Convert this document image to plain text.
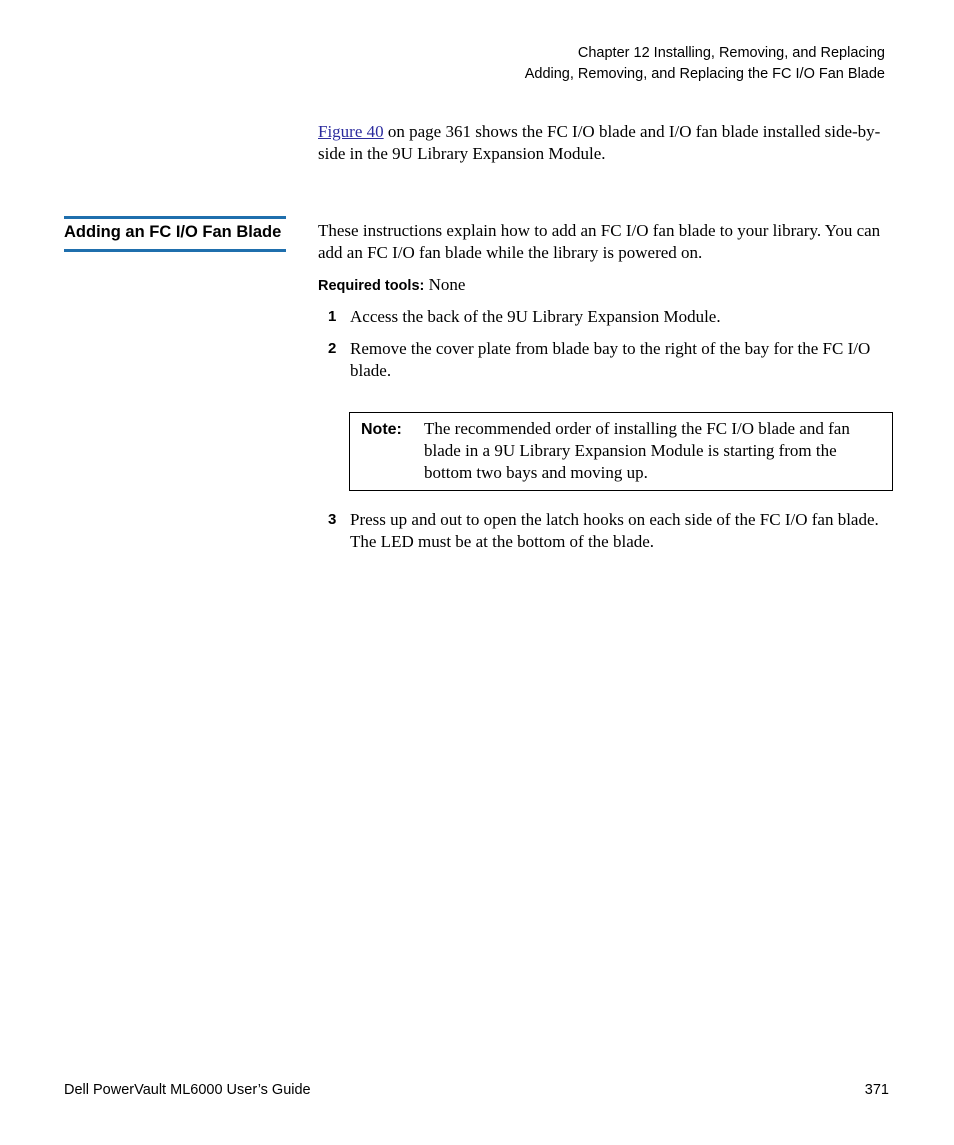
Chapter 12 Installing, Removing, and Replacing
Adding, Removing, and Replacing the FC I/O Fan Blade
Figure 40 on page 361 shows the FC I/O blade and I/O fan blade installed side-by-side in the 9U Library Expansion Module.
Adding an FC I/O Fan Blade These instructions explain how to add an FC I/O fan blade to your library. You can add an FC I/O fan blade while the library is powered on.
Required tools: None
1 Access the back of the 9U Library Expansion Module.
2 Remove the cover plate from blade bay to the right of the bay for the FC I/O blade.
Note: The recommended order of installing the FC I/O blade and fan blade in a 9U Library Expansion Module is starting from the bottom two bays and moving up.
3 Press up and out to open the latch hooks on each side of the FC I/O fan blade. The LED must be at the bottom of the blade.
Dell PowerVault ML6000 User’s Guide	371
